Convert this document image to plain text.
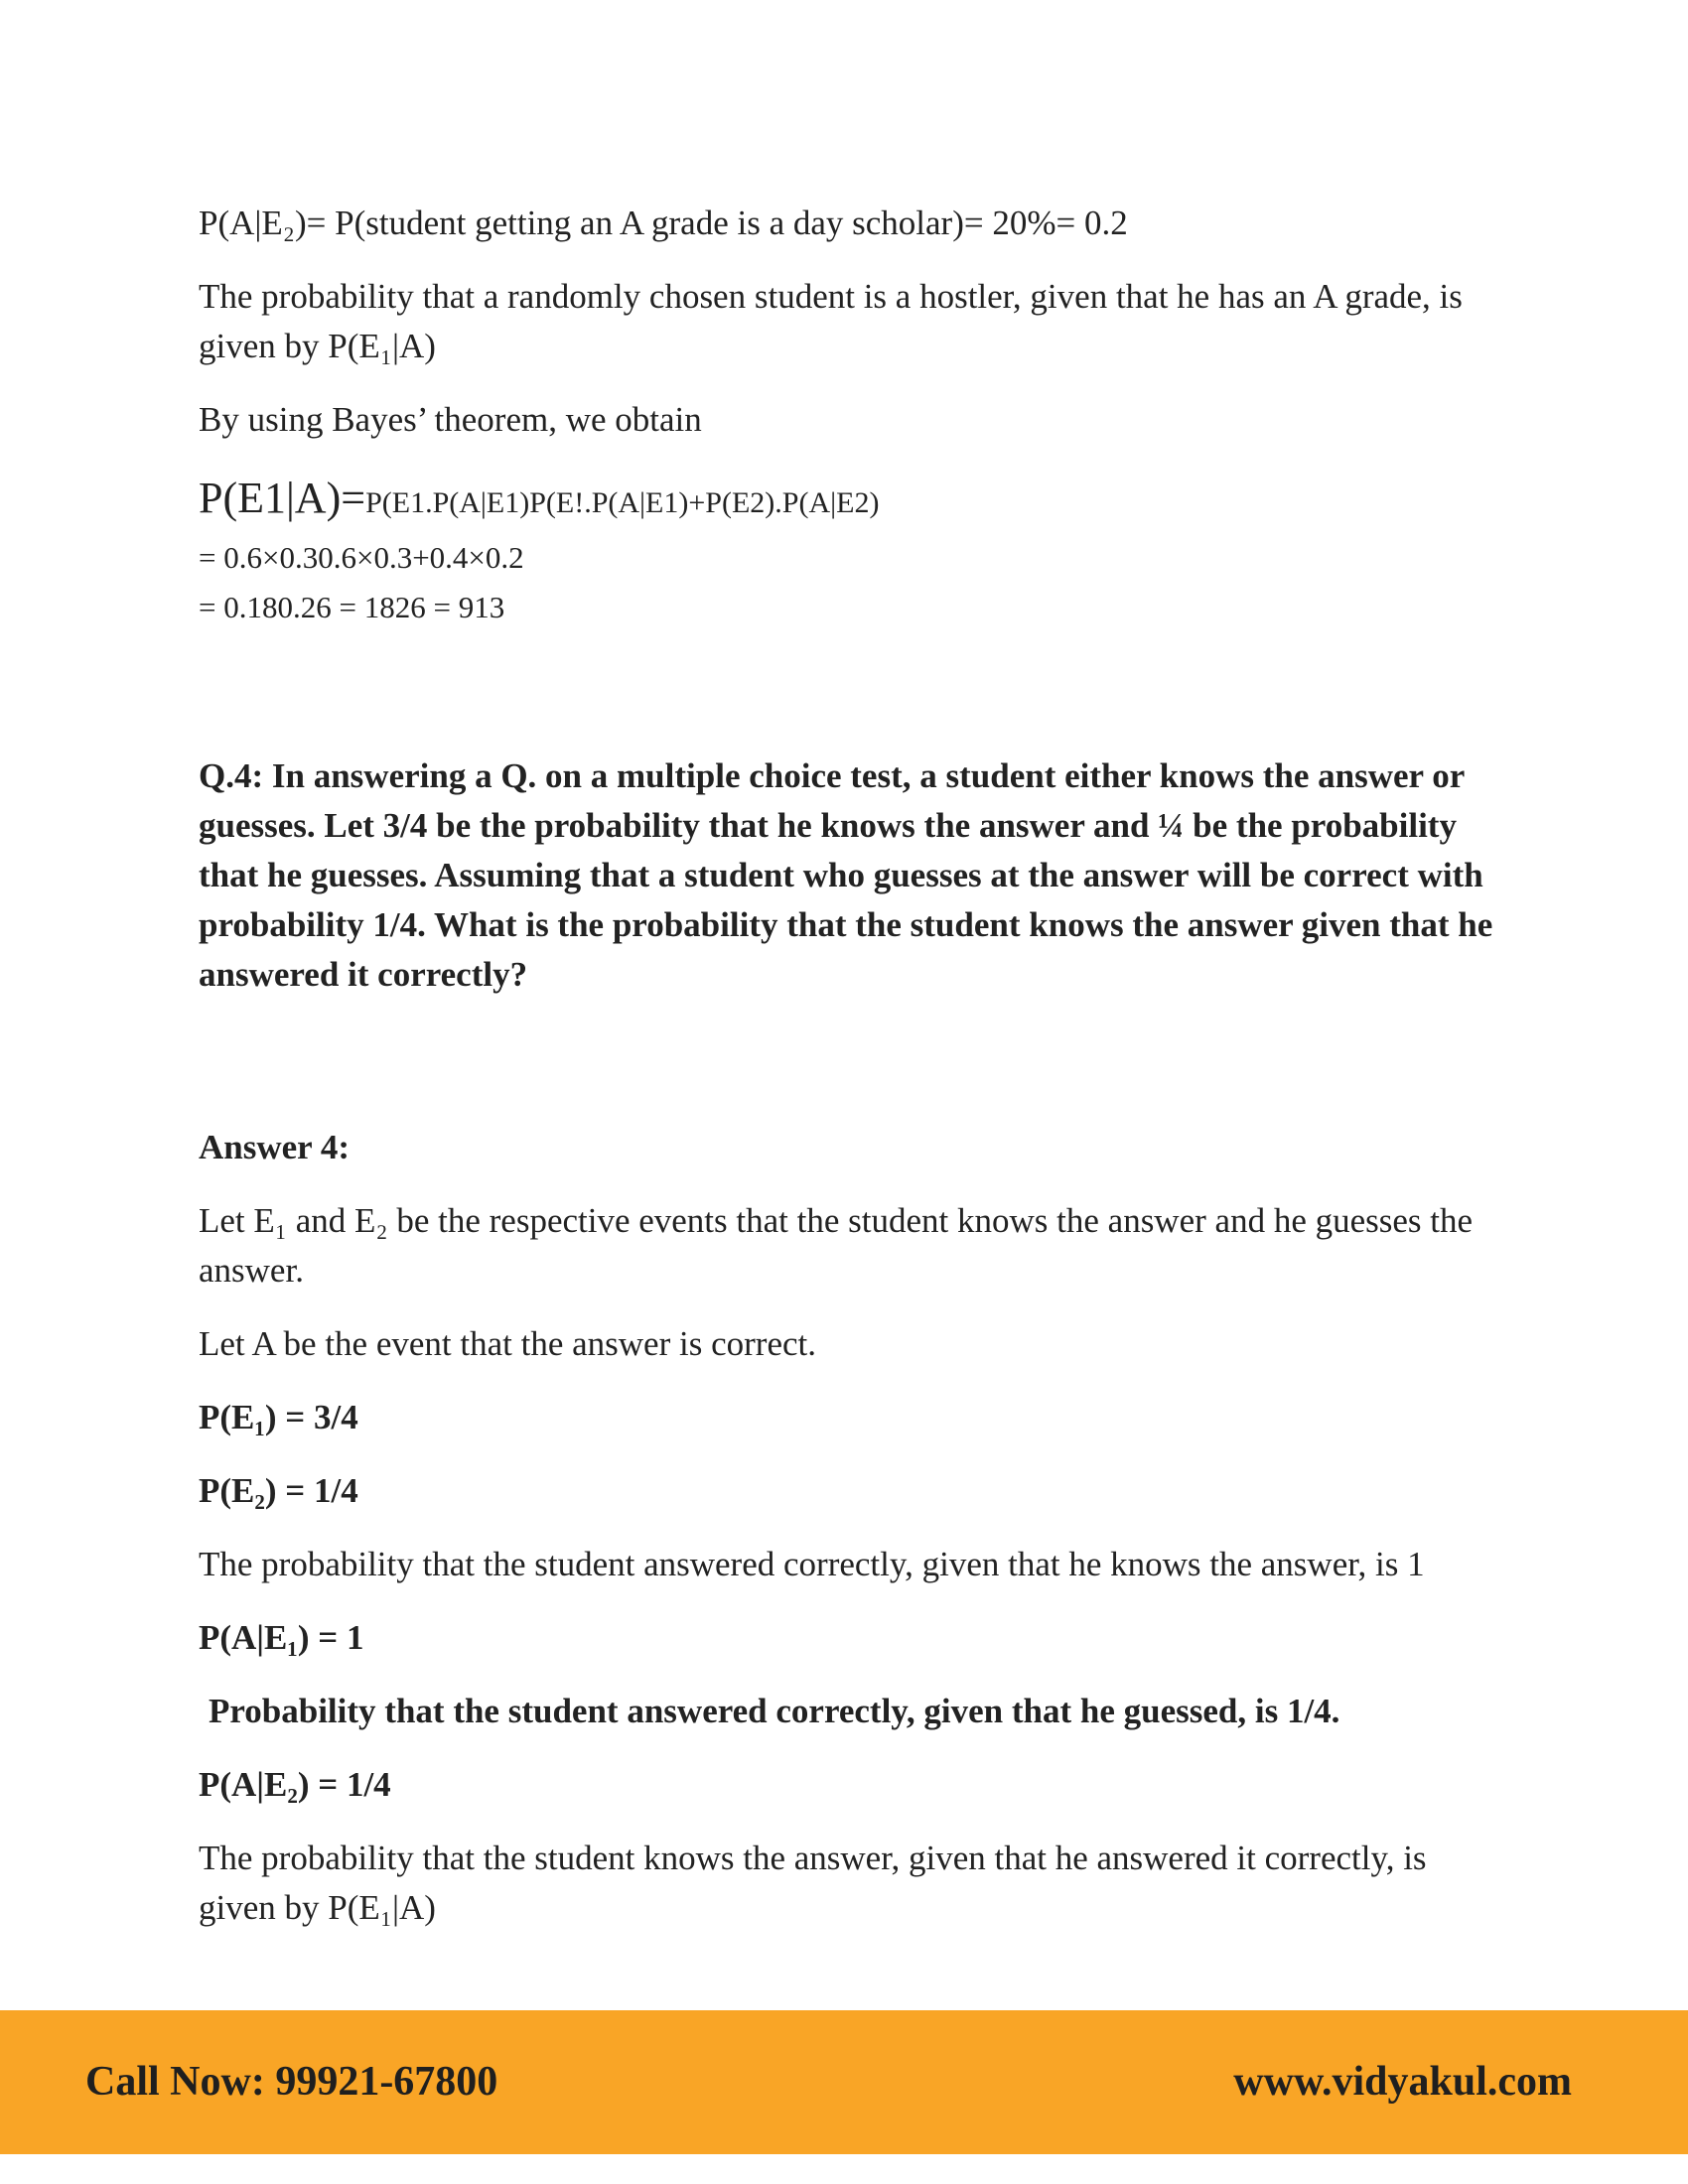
P(A|E₂)= P(student getting an A grade is a day scholar)= 20%= 0.2

The probability that a randomly chosen student is a hostler, given that he has an A grade, is given by P(E₁|A)

By using Bayes’ theorem, we obtain

P(E1|A)=P(E1.P(A|E1)P(E!.P(A|E1)+P(E2).P(A|E2)
= 0.6×0.30.6×0.3+0.4×0.2
= 0.180.26 = 1826 = 913

Q.4: In answering a Q. on a multiple choice test, a student either knows the answer or guesses. Let 3/4 be the probability that he knows the answer and ¼ be the probability that he guesses. Assuming that a student who guesses at the answer will be correct with probability 1/4. What is the probability that the student knows the answer given that he answered it correctly?

Answer 4:

Let E₁ and E₂ be the respective events that the student knows the answer and he guesses the answer.

Let A be the event that the answer is correct.

P(E₁) = 3/4

P(E₂) = 1/4

The probability that the student answered correctly, given that he knows the answer, is 1

P(A|E₁) = 1

Probability that the student answered correctly, given that he guessed, is 1/4.

P(A|E₂) = 1/4

The probability that the student knows the answer, given that he answered it correctly, is given by P(E₁|A)

Call Now: 99921-67800	www.vidyakul.com
